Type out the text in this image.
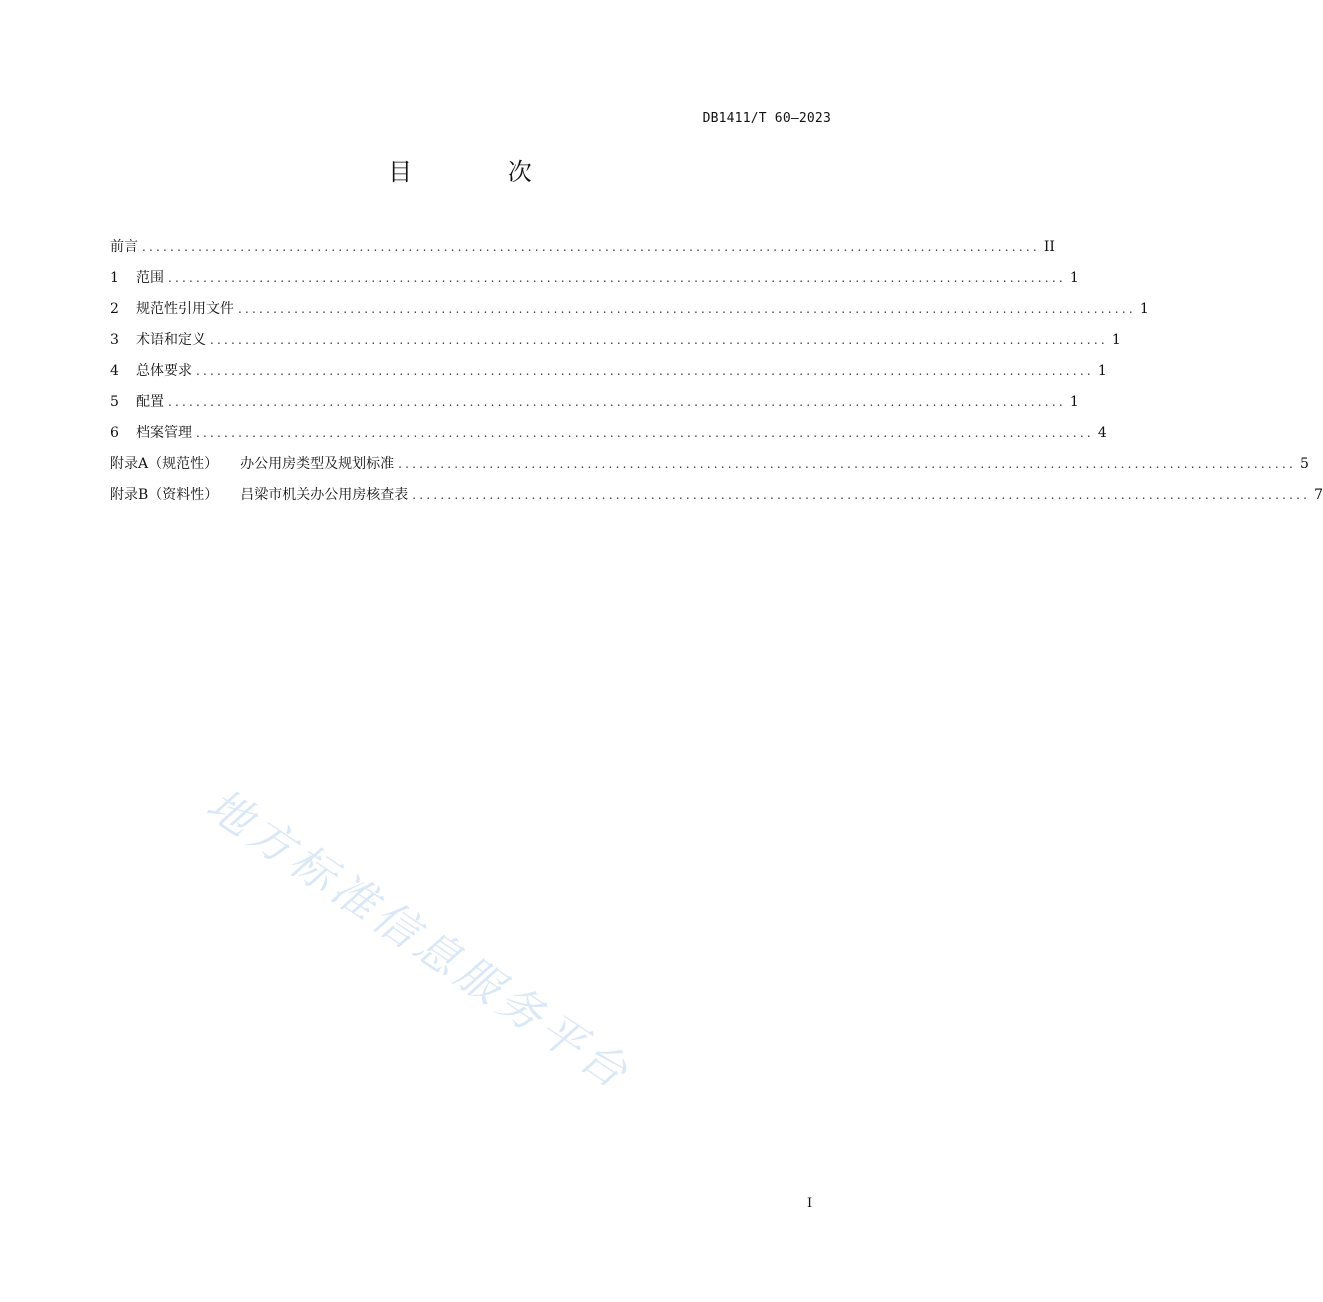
DB1411/T 60—2023
目 次
前言 ................................................................................................................................ II
1	范围 ................................................................................................................................ 1
2	规范性引用文件 ................................................................................................................................ 1
3	术语和定义 ................................................................................................................................ 1
4	总体要求 ................................................................................................................................ 1
5	配置 ................................................................................................................................ 1
6	档案管理 ................................................................................................................................ 4
附录A（规范性） 办公用房类型及规划标准 ................................................................................................................................ 5
附录B（资料性） 吕梁市机关办公用房核查表 ................................................................................................................................ 7
地方标准信息服务平台
I
